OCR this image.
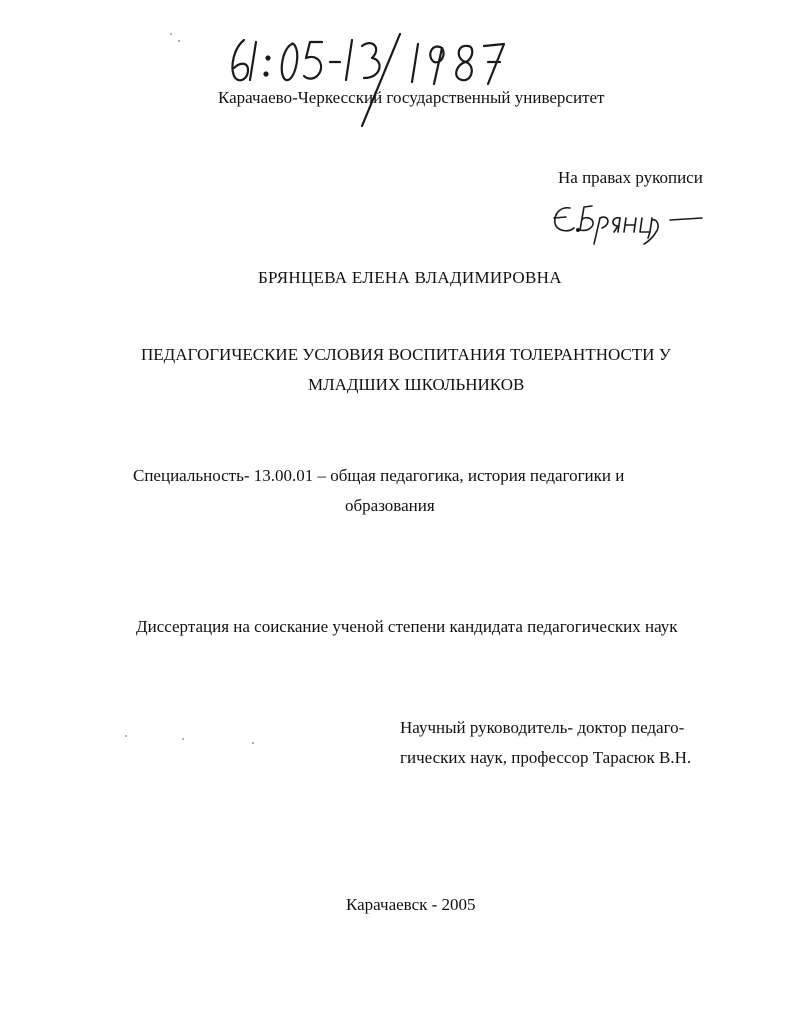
Карачаево-Черкесский государственный университет
На правах рукописи
БРЯНЦЕВА ЕЛЕНА ВЛАДИМИРОВНА
ПЕДАГОГИЧЕСКИЕ УСЛОВИЯ ВОСПИТАНИЯ ТОЛЕРАНТНОСТИ У
МЛАДШИХ ШКОЛЬНИКОВ
Специальность- 13.00.01 – общая педагогика, история педагогики и
образования
Диссертация на соискание ученой степени кандидата педагогических наук
Научный руководитель- доктор педаго-
гических наук, профессор Тарасюк В.Н.
Карачаевск - 2005
